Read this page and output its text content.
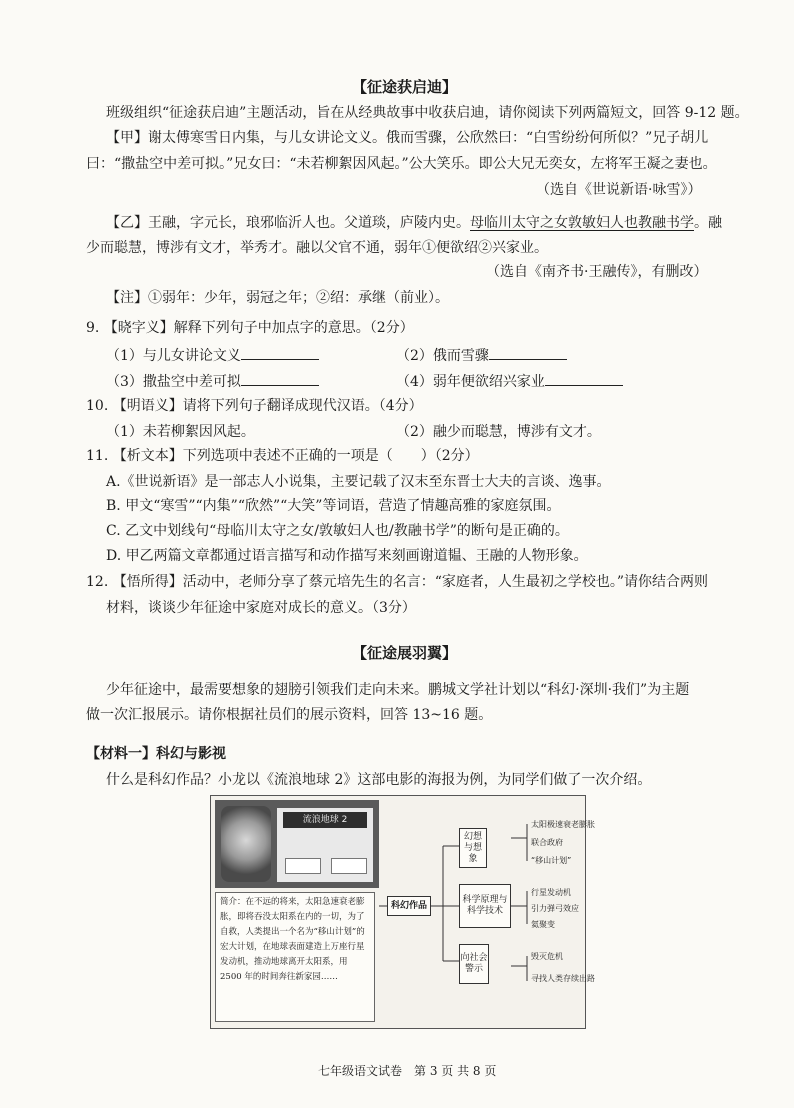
【征途获启迪】
班级组织“征途获启迪”主题活动，旨在从经典故事中收获启迪，请你阅读下列两篇短文，回答 9-12 题。
【甲】谢太傅寒雪日内集，与儿女讲论文义。俄而雪骤，公欣然曰：“白雪纷纷何所似？”兄子胡儿
曰：“撒盐空中差可拟。”兄女曰：“未若柳絮因风起。”公大笑乐。即公大兄无奕女，左将军王凝之妻也。
（选自《世说新语·咏雪》）
【乙】王融，字元长，琅邪临沂人也。父道琰，庐陵内史。母临川太守之女敦敏妇人也教融书学。融
少而聪慧，博涉有文才，举秀才。融以父官不通，弱年①便欲绍②兴家业。
（选自《南齐书·王融传》，有删改）
【注】①弱年：少年，弱冠之年；②绍：承继（前业）。
9. 【晓字义】解释下列句子中加点字的意思。（2分）
（1）与儿女讲论文义	（2）俄而雪骤
（3）撒盐空中差可拟	（4）弱年便欲绍兴家业
10. 【明语义】请将下列句子翻译成现代汉语。（4分）
（1）未若柳絮因风起。	（2）融少而聪慧，博涉有文才。
11. 【析文本】下列选项中表述不正确的一项是（　　）（2分）
A.《世说新语》是一部志人小说集，主要记载了汉末至东晋士大夫的言谈、逸事。
B. 甲文“寒雪”“内集”“欣然”“大笑”等词语，营造了情趣高雅的家庭氛围。
C. 乙文中划线句“母临川太守之女/敦敏妇人也/教融书学”的断句是正确的。
D. 甲乙两篇文章都通过语言描写和动作描写来刻画谢道韫、王融的人物形象。
12. 【悟所得】活动中，老师分享了蔡元培先生的名言：“家庭者，人生最初之学校也。”请你结合两则
材料，谈谈少年征途中家庭对成长的意义。（3分）
【征途展羽翼】
少年征途中，最需要想象的翅膀引领我们走向未来。鹏城文学社计划以“科幻·深圳·我们”为主题
做一次汇报展示。请你根据社员们的展示资料，回答 13~16 题。
【材料一】科幻与影视
什么是科幻作品？小龙以《流浪地球 2》这部电影的海报为例，为同学们做了一次介绍。
流浪地球 2
简介：在不远的将来，太阳急速衰老膨胀，即将吞没太阳系在内的一切，为了自救，人类提出一个名为“移山计划”的宏大计划，在地球表面建造上万座行星发动机，推动地球离开太阳系，用 2500 年的时间奔往新家园……
科幻作品
幻想与想象
太阳极速衰老膨胀
联合政府
“移山计划”
科学原理与科学技术
行星发动机
引力弹弓效应
氦聚变
向社会警示
毁灭危机
寻找人类存续出路
七年级语文试卷　第 3 页 共 8 页
